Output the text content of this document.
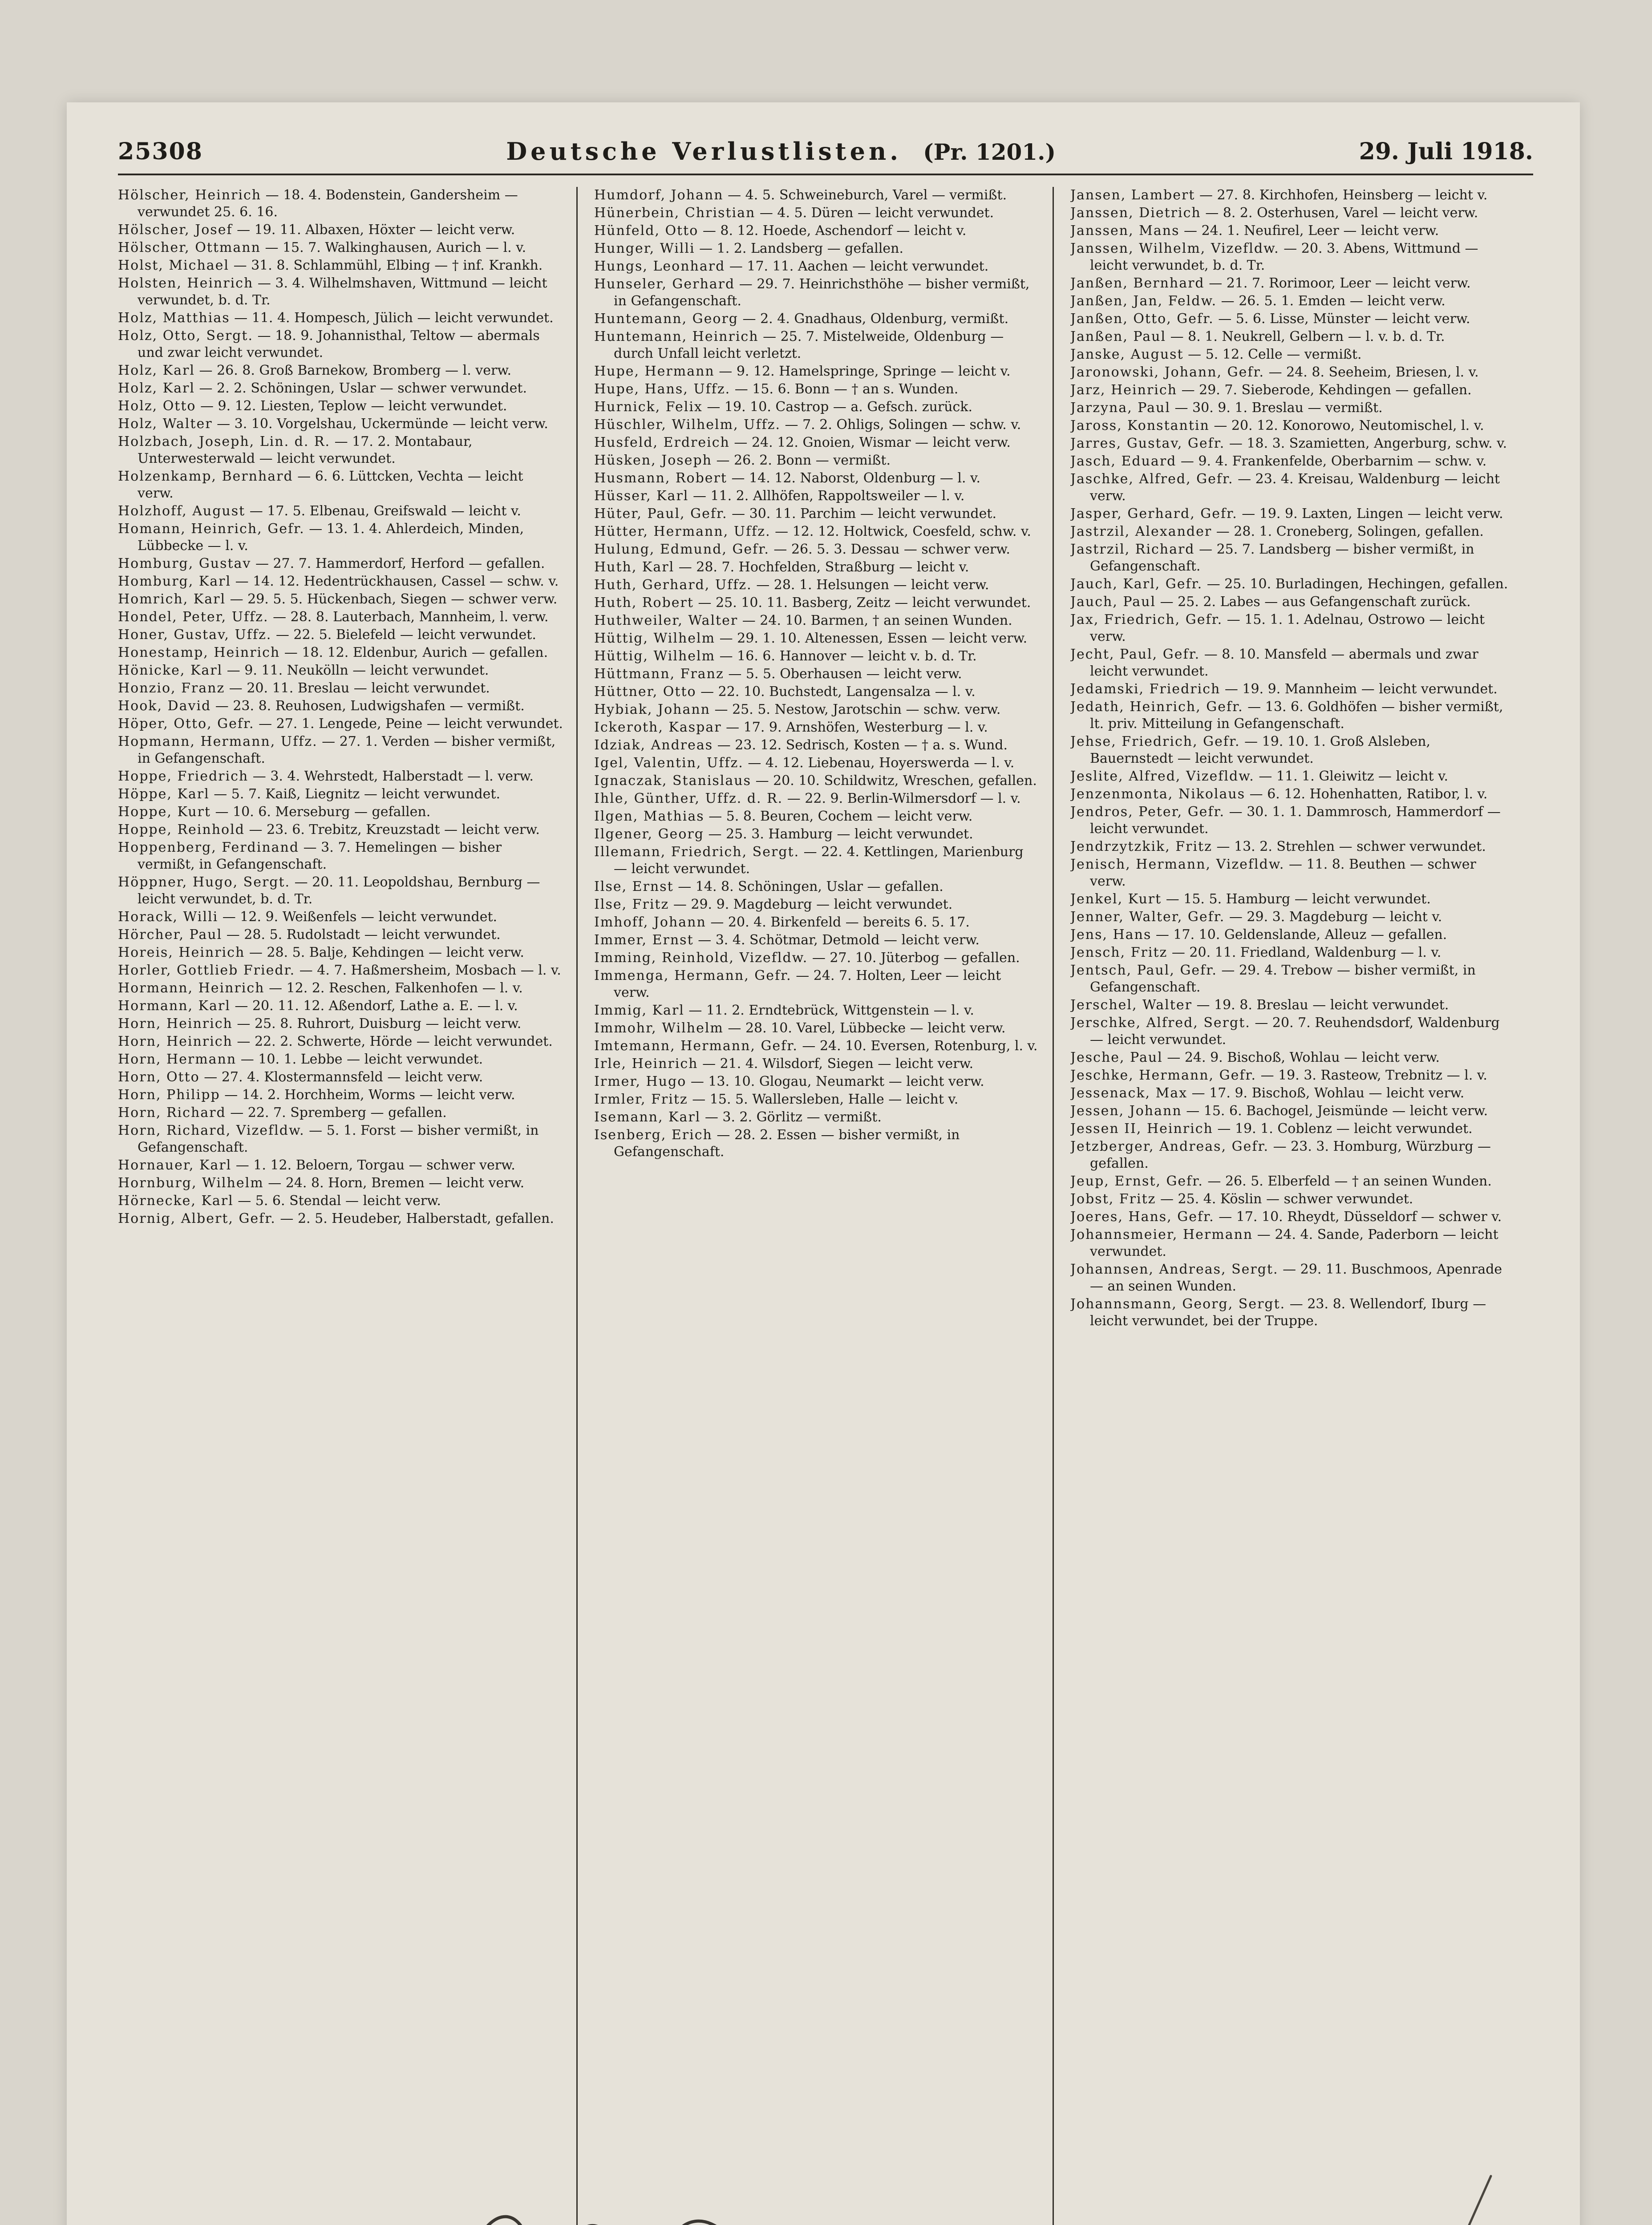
25308	Deutsche Verlustlisten. (Pr. 1201.)	29. Juli 1918.
Hölscher, Heinrich — 18. 4. Bodenstein, Gandersheim — verwundet 25. 6. 16.
Hölscher, Josef — 19. 11. Albaxen, Höxter — leicht verw.
Hölscher, Ottmann — 15. 7. Walkinghausen, Aurich — l. v.
Holst, Michael — 31. 8. Schlammühl, Elbing — † inf. Krankh.
Holsten, Heinrich — 3. 4. Wilhelmshaven, Wittmund — leicht verwundet, b. d. Tr.
Holz, Matthias — 11. 4. Hompesch, Jülich — leicht verwundet.
Holz, Otto, Sergt. — 18. 9. Johannisthal, Teltow — abermals und zwar leicht verwundet.
Holz, Karl — 26. 8. Groß Barnekow, Bromberg — l. verw.
Holz, Karl — 2. 2. Schöningen, Uslar — schwer verwundet.
Holz, Otto — 9. 12. Liesten, Teplow — leicht verwundet.
Holz, Walter — 3. 10. Vorgelshau, Uckermünde — leicht verw.
Holzbach, Joseph, Lin. d. R. — 17. 2. Montabaur, Unterwesterwald — leicht verwundet.
Holzenkamp, Bernhard — 6. 6. Lüttcken, Vechta — leicht verw.
Holzhoff, August — 17. 5. Elbenau, Greifswald — leicht v.
Homann, Heinrich, Gefr. — 13. 1. 4. Ahlerdeich, Minden, Lübbecke — l. v.
Homburg, Gustav — 27. 7. Hammerdorf, Herford — gefallen.
Homburg, Karl — 14. 12. Hedentrückhausen, Cassel — schw. v.
Homrich, Karl — 29. 5. 5. Hückenbach, Siegen — schwer verw.
Hondel, Peter, Uffz. — 28. 8. Lauterbach, Mannheim, l. verw.
Honer, Gustav, Uffz. — 22. 5. Bielefeld — leicht verwundet.
Honestamp, Heinrich — 18. 12. Eldenbur, Aurich — gefallen.
Hönicke, Karl — 9. 11. Neukölln — leicht verwundet.
Honzio, Franz — 20. 11. Breslau — leicht verwundet.
Hook, David — 23. 8. Reuhosen, Ludwigshafen — vermißt.
Höper, Otto, Gefr. — 27. 1. Lengede, Peine — leicht verwundet.
Hopmann, Hermann, Uffz. — 27. 1. Verden — bisher vermißt, in Gefangenschaft.
Hoppe, Friedrich — 3. 4. Wehrstedt, Halberstadt — l. verw.
Höppe, Karl — 5. 7. Kaiß, Liegnitz — leicht verwundet.
Hoppe, Kurt — 10. 6. Merseburg — gefallen.
Hoppe, Reinhold — 23. 6. Trebitz, Kreuzstadt — leicht verw.
Hoppenberg, Ferdinand — 3. 7. Hemelingen — bisher vermißt, in Gefangenschaft.
Höppner, Hugo, Sergt. — 20. 11. Leopoldshau, Bernburg — leicht verwundet, b. d. Tr.
Horack, Willi — 12. 9. Weißenfels — leicht verwundet.
Hörcher, Paul — 28. 5. Rudolstadt — leicht verwundet.
Horeis, Heinrich — 28. 5. Balje, Kehdingen — leicht verw.
Horler, Gottlieb Friedr. — 4. 7. Haßmersheim, Mosbach — l. v.
Hormann, Heinrich — 12. 2. Reschen, Falkenhofen — l. v.
Hormann, Karl — 20. 11. 12. Aßendorf, Lathe a. E. — l. v.
Horn, Heinrich — 25. 8. Ruhrort, Duisburg — leicht verw.
Horn, Heinrich — 22. 2. Schwerte, Hörde — leicht verwundet.
Horn, Hermann — 10. 1. Lebbe — leicht verwundet.
Horn, Otto — 27. 4. Klostermannsfeld — leicht verw.
Horn, Philipp — 14. 2. Horchheim, Worms — leicht verw.
Horn, Richard — 22. 7. Spremberg — gefallen.
Horn, Richard, Vizefldw. — 5. 1. Forst — bisher vermißt, in Gefangenschaft.
Hornauer, Karl — 1. 12. Beloern, Torgau — schwer verw.
Hornburg, Wilhelm — 24. 8. Horn, Bremen — leicht verw.
Hörnecke, Karl — 5. 6. Stendal — leicht verw.
Hornig, Albert, Gefr. — 2. 5. Heudeber, Halberstadt, gefallen.
Humdorf, Johann — 4. 5. Schweineburch, Varel — vermißt.
Hünerbein, Christian — 4. 5. Düren — leicht verwundet.
Hünfeld, Otto — 8. 12. Hoede, Aschendorf — leicht v.
Hunger, Willi — 1. 2. Landsberg — gefallen.
Hungs, Leonhard — 17. 11. Aachen — leicht verwundet.
Hunseler, Gerhard — 29. 7. Heinrichsthöhe — bisher vermißt, in Gefangenschaft.
Huntemann, Georg — 2. 4. Gnadhaus, Oldenburg, vermißt.
Huntemann, Heinrich — 25. 7. Mistelweide, Oldenburg — durch Unfall leicht verletzt.
Hupe, Hermann — 9. 12. Hamelspringe, Springe — leicht v.
Hupe, Hans, Uffz. — 15. 6. Bonn — † an s. Wunden.
Hurnick, Felix — 19. 10. Castrop — a. Gefsch. zurück.
Hüschler, Wilhelm, Uffz. — 7. 2. Ohligs, Solingen — schw. v.
Husfeld, Erdreich — 24. 12. Gnoien, Wismar — leicht verw.
Hüsken, Joseph — 26. 2. Bonn — vermißt.
Husmann, Robert — 14. 12. Naborst, Oldenburg — l. v.
Hüsser, Karl — 11. 2. Allhöfen, Rappoltsweiler — l. v.
Hüter, Paul, Gefr. — 30. 11. Parchim — leicht verwundet.
Hütter, Hermann, Uffz. — 12. 12. Holtwick, Coesfeld, schw. v.
Hulung, Edmund, Gefr. — 26. 5. 3. Dessau — schwer verw.
Huth, Karl — 28. 7. Hochfelden, Straßburg — leicht v.
Huth, Gerhard, Uffz. — 28. 1. Helsungen — leicht verw.
Huth, Robert — 25. 10. 11. Basberg, Zeitz — leicht verwundet.
Huthweiler, Walter — 24. 10. Barmen, † an seinen Wunden.
Hüttig, Wilhelm — 29. 1. 10. Altenessen, Essen — leicht verw.
Hüttig, Wilhelm — 16. 6. Hannover — leicht v. b. d. Tr.
Hüttmann, Franz — 5. 5. Oberhausen — leicht verw.
Hüttner, Otto — 22. 10. Buchstedt, Langensalza — l. v.
Hybiak, Johann — 25. 5. Nestow, Jarotschin — schw. verw.
Ickeroth, Kaspar — 17. 9. Arnshöfen, Westerburg — l. v.
Idziak, Andreas — 23. 12. Sedrisch, Kosten — † a. s. Wund.
Igel, Valentin, Uffz. — 4. 12. Liebenau, Hoyerswerda — l. v.
Ignaczak, Stanislaus — 20. 10. Schildwitz, Wreschen, gefallen.
Ihle, Günther, Uffz. d. R. — 22. 9. Berlin-Wilmersdorf — l. v.
Ilgen, Mathias — 5. 8. Beuren, Cochem — leicht verw.
Ilgener, Georg — 25. 3. Hamburg — leicht verwundet.
Illemann, Friedrich, Sergt. — 22. 4. Kettlingen, Marienburg — leicht verwundet.
Ilse, Ernst — 14. 8. Schöningen, Uslar — gefallen.
Ilse, Fritz — 29. 9. Magdeburg — leicht verwundet.
Imhoff, Johann — 20. 4. Birkenfeld — bereits 6. 5. 17.
Immer, Ernst — 3. 4. Schötmar, Detmold — leicht verw.
Imming, Reinhold, Vizefldw. — 27. 10. Jüterbog — gefallen.
Immenga, Hermann, Gefr. — 24. 7. Holten, Leer — leicht verw.
Immig, Karl — 11. 2. Erndtebrück, Wittgenstein — l. v.
Immohr, Wilhelm — 28. 10. Varel, Lübbecke — leicht verw.
Imtemann, Hermann, Gefr. — 24. 10. Eversen, Rotenburg, l. v.
Irle, Heinrich — 21. 4. Wilsdorf, Siegen — leicht verw.
Irmer, Hugo — 13. 10. Glogau, Neumarkt — leicht verw.
Irmler, Fritz — 15. 5. Wallersleben, Halle — leicht v.
Isemann, Karl — 3. 2. Görlitz — vermißt.
Isenberg, Erich — 28. 2. Essen — bisher vermißt, in Gefangenschaft.
Jansen, Lambert — 27. 8. Kirchhofen, Heinsberg — leicht v.
Janssen, Dietrich — 8. 2. Osterhusen, Varel — leicht verw.
Janssen, Mans — 24. 1. Neufirel, Leer — leicht verw.
Janssen, Wilhelm, Vizefldw. — 20. 3. Abens, Wittmund — leicht verwundet, b. d. Tr.
Janßen, Bernhard — 21. 7. Rorimoor, Leer — leicht verw.
Janßen, Jan, Feldw. — 26. 5. 1. Emden — leicht verw.
Janßen, Otto, Gefr. — 5. 6. Lisse, Münster — leicht verw.
Janßen, Paul — 8. 1. Neukrell, Gelbern — l. v. b. d. Tr.
Janske, August — 5. 12. Celle — vermißt.
Jaronowski, Johann, Gefr. — 24. 8. Seeheim, Briesen, l. v.
Jarz, Heinrich — 29. 7. Sieberode, Kehdingen — gefallen.
Jarzyna, Paul — 30. 9. 1. Breslau — vermißt.
Jaross, Konstantin — 20. 12. Konorowo, Neutomischel, l. v.
Jarres, Gustav, Gefr. — 18. 3. Szamietten, Angerburg, schw. v.
Jasch, Eduard — 9. 4. Frankenfelde, Oberbarnim — schw. v.
Jaschke, Alfred, Gefr. — 23. 4. Kreisau, Waldenburg — leicht verw.
Jasper, Gerhard, Gefr. — 19. 9. Laxten, Lingen — leicht verw.
Jastrzil, Alexander — 28. 1. Croneberg, Solingen, gefallen.
Jastrzil, Richard — 25. 7. Landsberg — bisher vermißt, in Gefangenschaft.
Jauch, Karl, Gefr. — 25. 10. Burladingen, Hechingen, gefallen.
Jauch, Paul — 25. 2. Labes — aus Gefangenschaft zurück.
Jax, Friedrich, Gefr. — 15. 1. 1. Adelnau, Ostrowo — leicht verw.
Jecht, Paul, Gefr. — 8. 10. Mansfeld — abermals und zwar leicht verwundet.
Jedamski, Friedrich — 19. 9. Mannheim — leicht verwundet.
Jedath, Heinrich, Gefr. — 13. 6. Goldhöfen — bisher vermißt, lt. priv. Mitteilung in Gefangenschaft.
Jehse, Friedrich, Gefr. — 19. 10. 1. Groß Alsleben, Bauernstedt — leicht verwundet.
Jeslite, Alfred, Vizefldw. — 11. 1. Gleiwitz — leicht v.
Jenzenmonta, Nikolaus — 6. 12. Hohenhatten, Ratibor, l. v.
Jendros, Peter, Gefr. — 30. 1. 1. Dammrosch, Hammerdorf — leicht verwundet.
Jendrzytzkik, Fritz — 13. 2. Strehlen — schwer verwundet.
Jenisch, Hermann, Vizefldw. — 11. 8. Beuthen — schwer verw.
Jenkel, Kurt — 15. 5. Hamburg — leicht verwundet.
Jenner, Walter, Gefr. — 29. 3. Magdeburg — leicht v.
Jens, Hans — 17. 10. Geldenslande, Alleuz — gefallen.
Jensch, Fritz — 20. 11. Friedland, Waldenburg — l. v.
Jentsch, Paul, Gefr. — 29. 4. Trebow — bisher vermißt, in Gefangenschaft.
Jerschel, Walter — 19. 8. Breslau — leicht verwundet.
Jerschke, Alfred, Sergt. — 20. 7. Reuhendsdorf, Waldenburg — leicht verwundet.
Jesche, Paul — 24. 9. Bischoß, Wohlau — leicht verw.
Jeschke, Hermann, Gefr. — 19. 3. Rasteow, Trebnitz — l. v.
Jessenack, Max — 17. 9. Bischoß, Wohlau — leicht verw.
Jessen, Johann — 15. 6. Bachogel, Jeismünde — leicht verw.
Jessen II, Heinrich — 19. 1. Coblenz — leicht verwundet.
Jetzberger, Andreas, Gefr. — 23. 3. Homburg, Würzburg — gefallen.
Jeup, Ernst, Gefr. — 26. 5. Elberfeld — † an seinen Wunden.
Jobst, Fritz — 25. 4. Köslin — schwer verwundet.
Joeres, Hans, Gefr. — 17. 10. Rheydt, Düsseldorf — schwer v.
Johannsmeier, Hermann — 24. 4. Sande, Paderborn — leicht verwundet.
Johannsen, Andreas, Sergt. — 29. 11. Buschmoos, Apenrade — an seinen Wunden.
Johannsmann, Georg, Sergt. — 23. 8. Wellendorf, Iburg — leicht verwundet, bei der Truppe.
